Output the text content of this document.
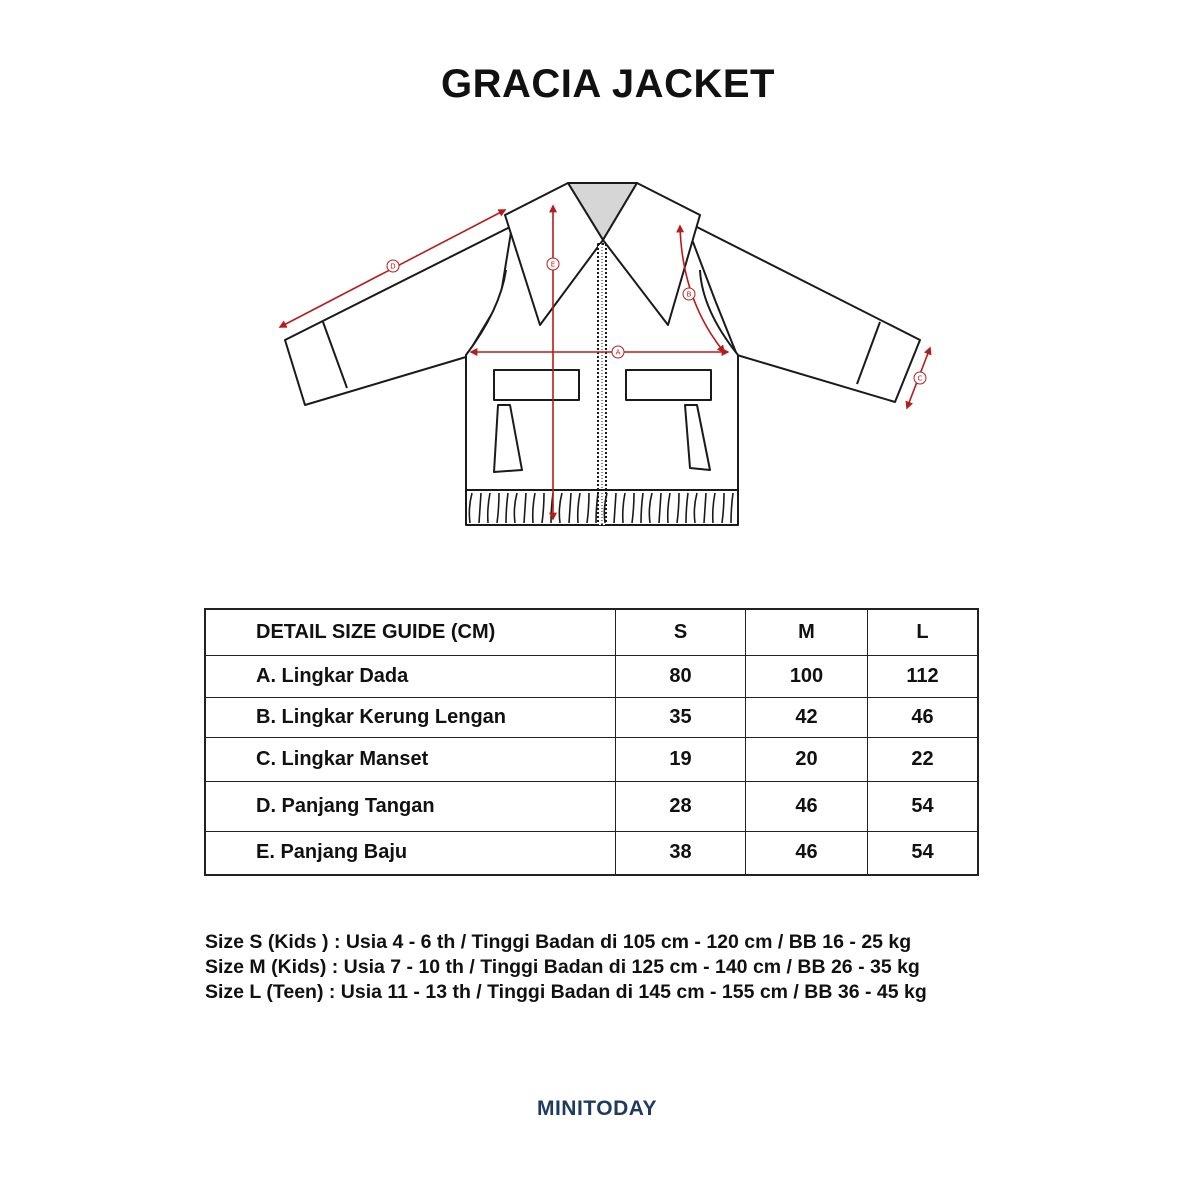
GRACIA JACKET
A
B
C
D	E
DETAIL SIZE GUIDE (CM)	S	M	L
A. Lingkar Dada	80	100	112
B. Lingkar Kerung Lengan	35	42	46
C. Lingkar Manset	19	20	22
D. Panjang Tangan	28	46	54
E. Panjang Baju	38	46	54
Size S (Kids ) : Usia 4 - 6 th / Tinggi Badan di 105 cm - 120 cm / BB 16 - 25 kg
Size M (Kids) : Usia 7 - 10 th / Tinggi Badan di 125 cm - 140 cm / BB 26 - 35 kg
Size L (Teen) : Usia 11 - 13 th / Tinggi Badan di 145 cm - 155 cm / BB 36 - 45 kg
MINITODAY
